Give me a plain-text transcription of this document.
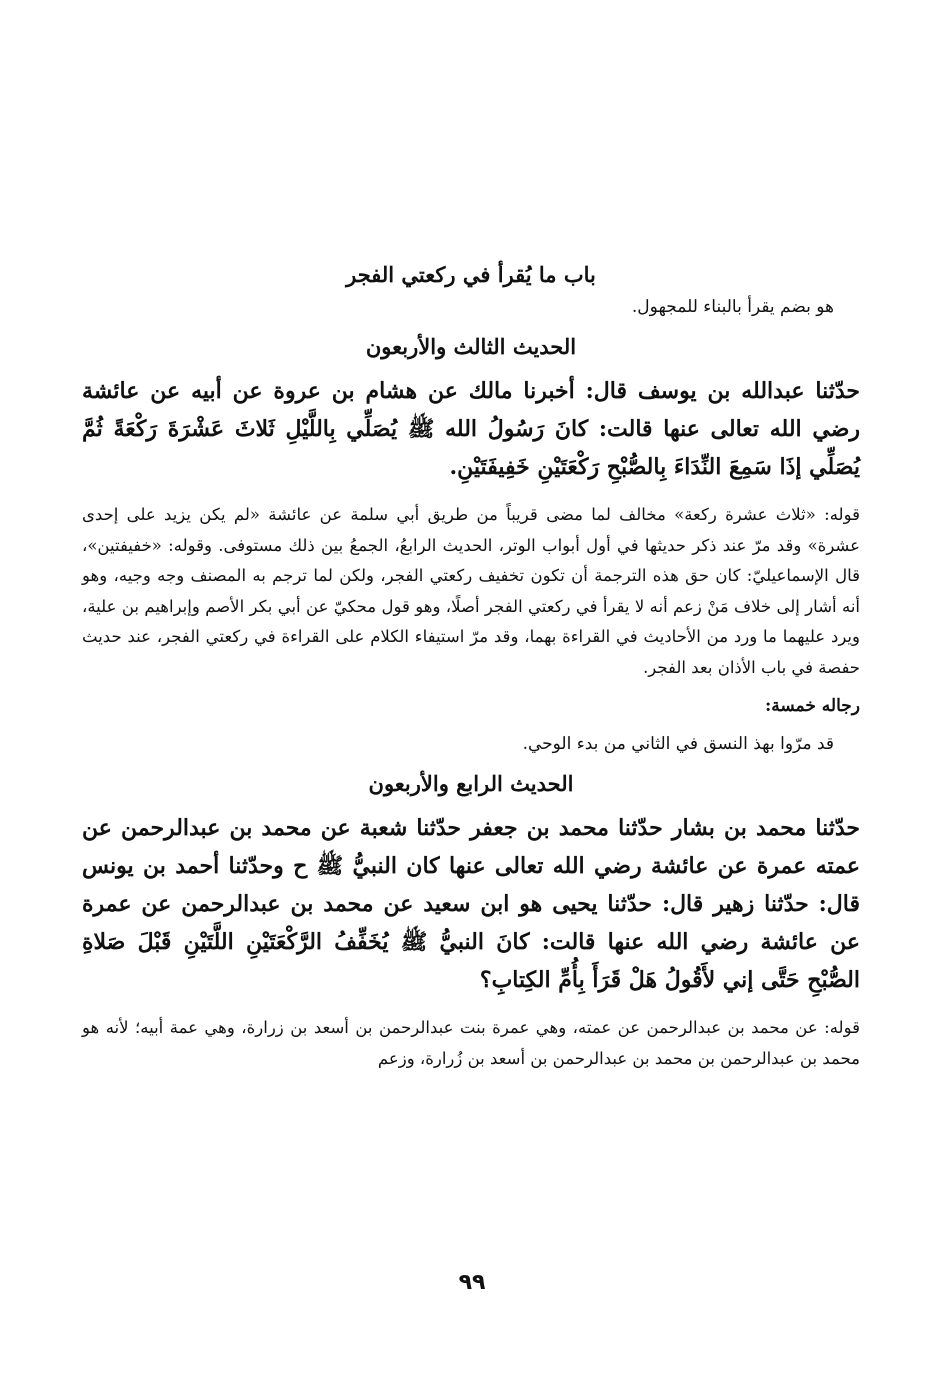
باب ما يُقرأ في ركعتي الفجر

هو بضم يقرأ بالبناء للمجهول.

الحديث الثالث والأربعون

حدّثنا عبدالله بن يوسف قال: أخبرنا مالك عن هشام بن عروة عن أبيه عن عائشة رضي الله تعالى عنها قالت: كانَ رَسُولُ الله ﷺ يُصَلِّي بِاللَّيْلِ ثَلاثَ عَشْرَةَ رَكْعَةً ثُمَّ يُصَلِّي إذَا سَمِعَ النِّدَاءَ بِالصُّبْحِ رَكْعَتَيْنِ خَفِيفَتَيْنِ.

قوله: «ثلاث عشرة ركعة» مخالف لما مضى قريباً من طريق أبي سلمة عن عائشة «لم يكن يزيد على إحدى عشرة» وقد مرّ عند ذكر حديثها في أول أبواب الوتر، الحديث الرابعُ، الجمعُ بين ذلك مستوفى. وقوله: «خفيفتين»، قال الإسماعيليّ: كان حق هذه الترجمة أن تكون تخفيف ركعتي الفجر، ولكن لما ترجم به المصنف وجه وجيه، وهو أنه أشار إلى خلاف مَنْ زعم أنه لا يقرأ في ركعتي الفجر أصلًا، وهو قول محكيّ عن أبي بكر الأصم وإبراهيم بن علية، ويرد عليهما ما ورد من الأحاديث في القراءة بهما، وقد مرّ استيفاء الكلام على القراءة في ركعتي الفجر، عند حديث حفصة في باب الأذان بعد الفجر.

رجاله خمسة:

قد مرّوا بهذ النسق في الثاني من بدء الوحي.

الحديث الرابع والأربعون

حدّثنا محمد بن بشار حدّثنا محمد بن جعفر حدّثنا شعبة عن محمد بن عبدالرحمن عن عمته عمرة عن عائشة رضي الله تعالى عنها كان النبيُّ ﷺ ح وحدّثنا أحمد بن يونس قال: حدّثنا زهير قال: حدّثنا يحيى هو ابن سعيد عن محمد بن عبدالرحمن عن عمرة عن عائشة رضي الله عنها قالت: كانَ النبيُّ ﷺ يُخَفِّفُ الرَّكْعَتَيْنِ اللَّتَيْنِ قَبْلَ صَلاةِ الصُّبْحِ حَتَّى إني لأَقُولُ هَلْ قَرَأَ بِأُمِّ الكِتابِ؟

قوله: عن محمد بن عبدالرحمن عن عمته، وهي عمرة بنت عبدالرحمن بن أسعد بن زرارة، وهي عمة أبيه؛ لأنه هو محمد بن عبدالرحمن بن محمد بن عبدالرحمن بن أسعد بن زُرارة، وزعم

٩٩
